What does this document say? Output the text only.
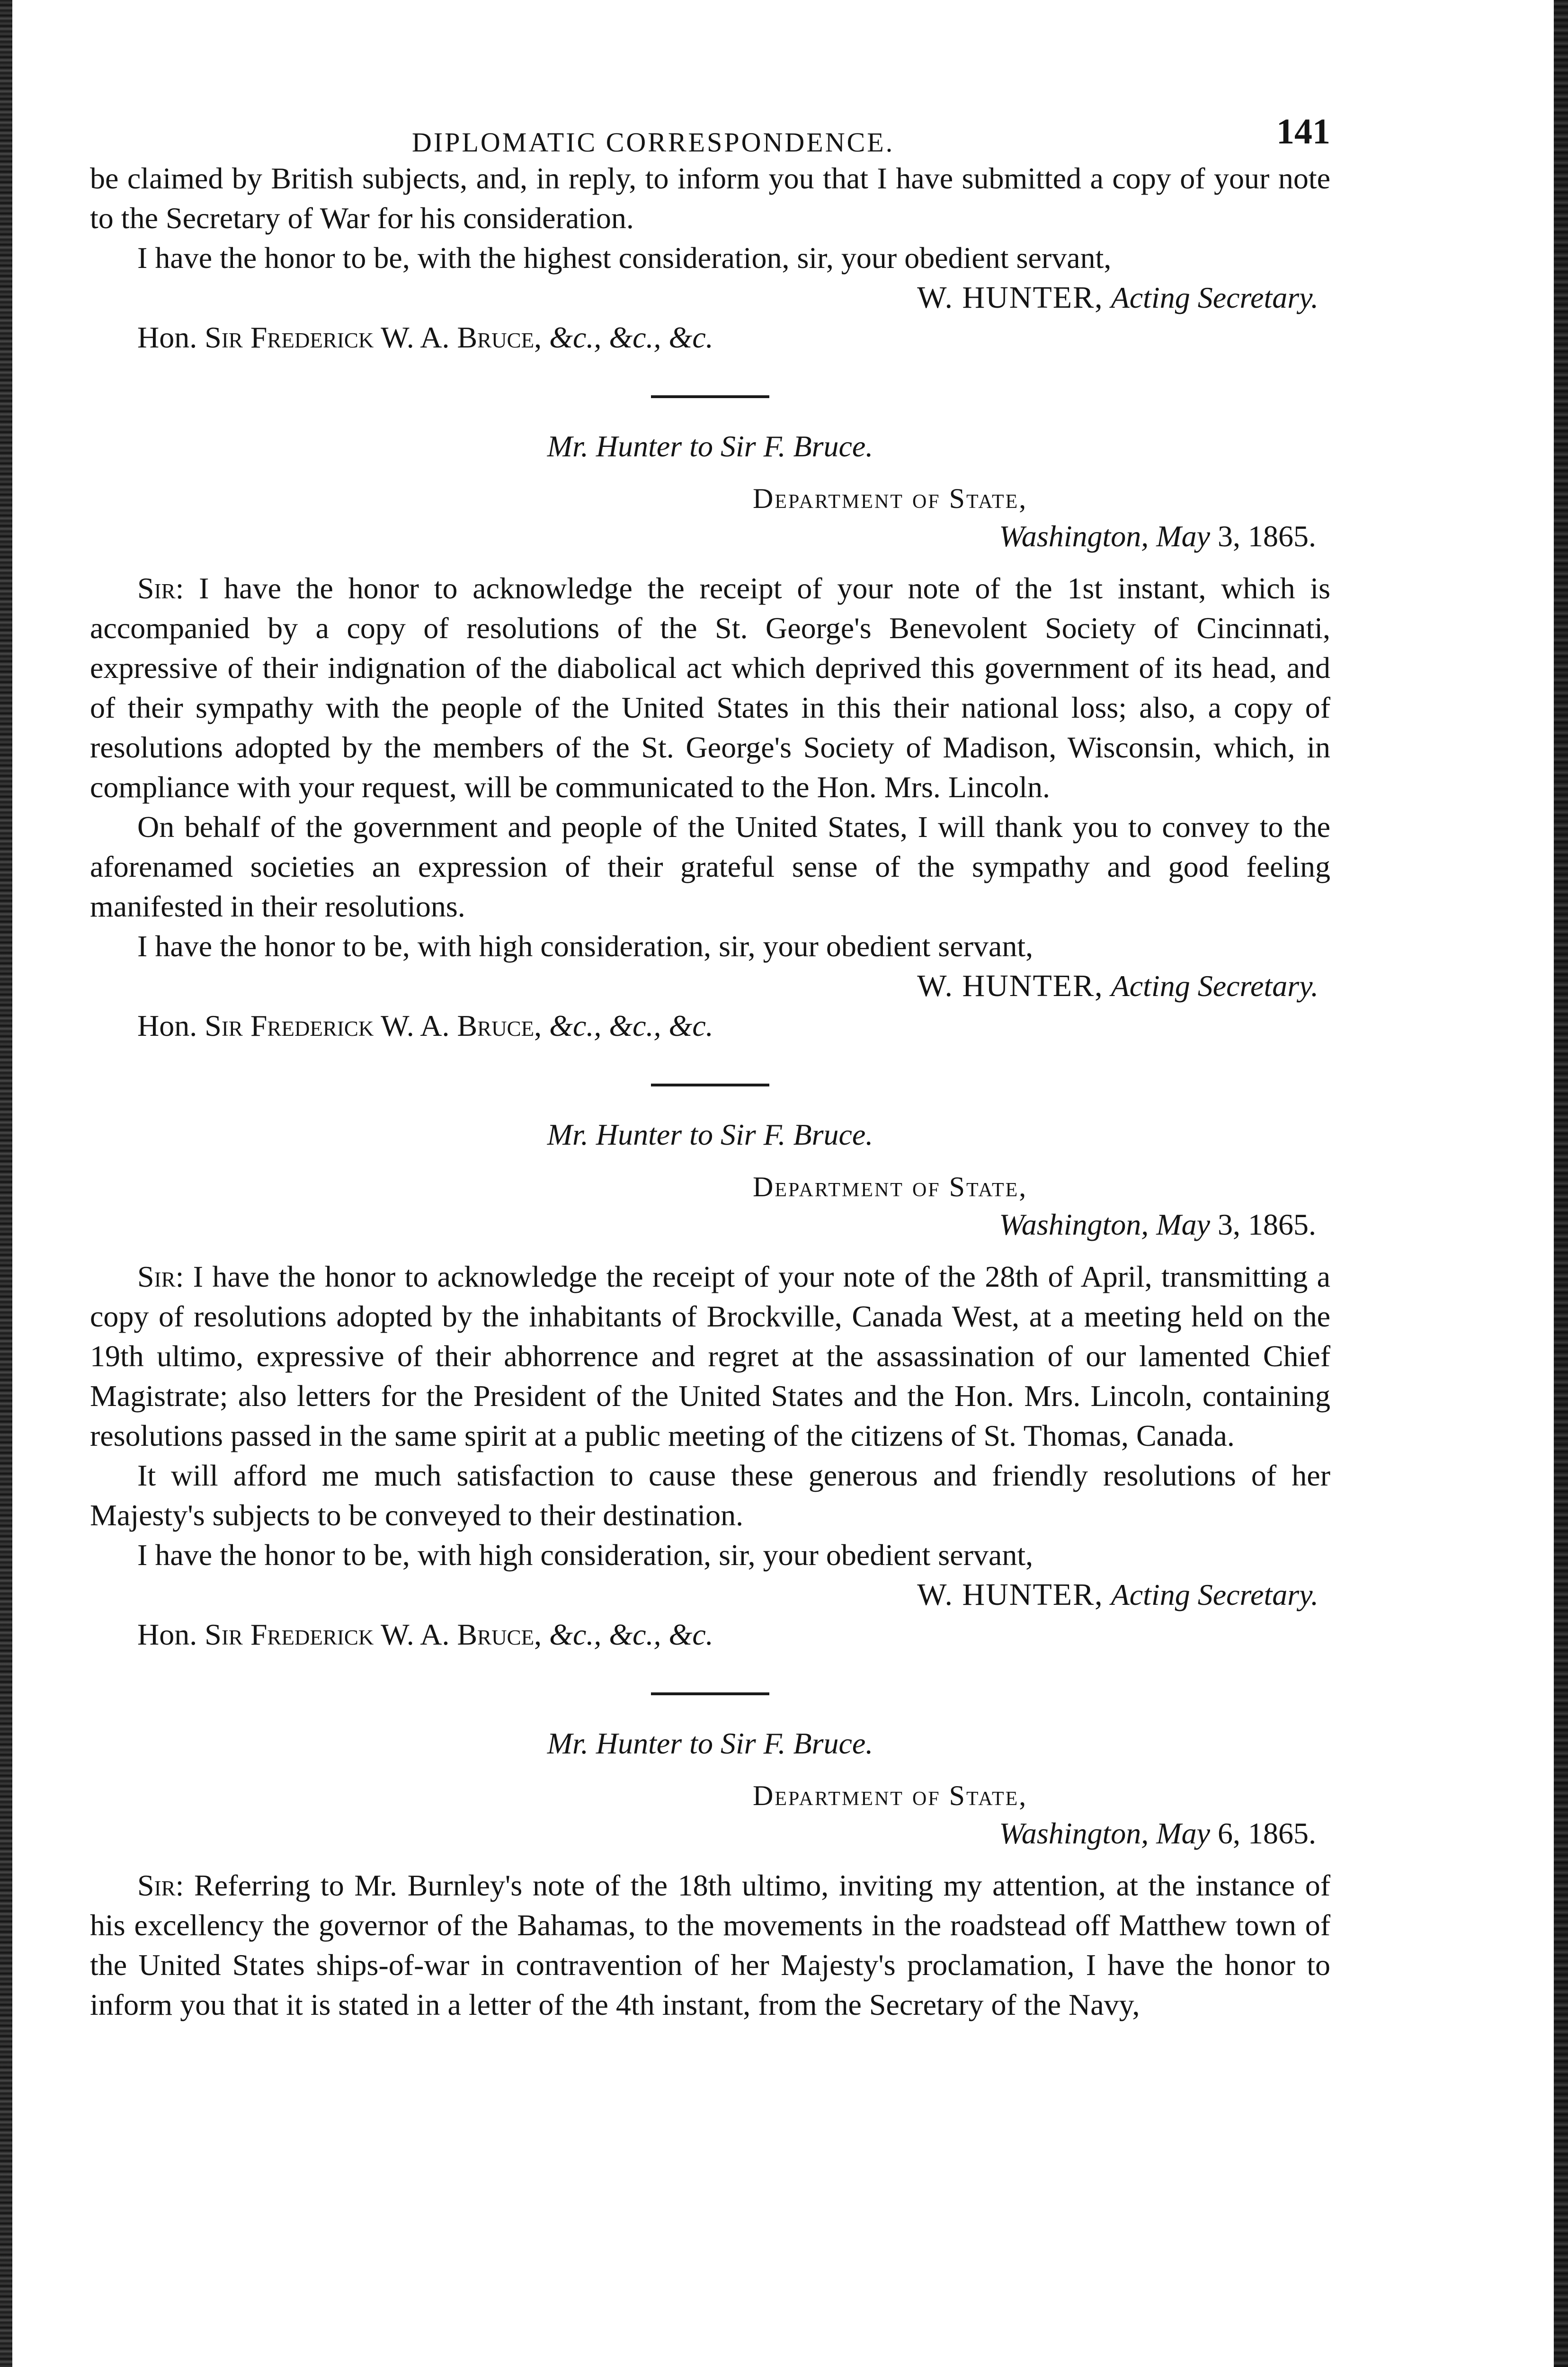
DIPLOMATIC CORRESPONDENCE.	141

be claimed by British subjects, and, in reply, to inform you that I have submitted a copy of your note to the Secretary of War for his consideration.

I have the honor to be, with the highest consideration, sir, your obedient servant,

W. HUNTER, Acting Secretary.
Hon. Sir Frederick W. A. Bruce, &c., &c., &c.
Mr. Hunter to Sir F. Bruce.
Department of State,
Washington, May 3, 1865.

Sir: I have the honor to acknowledge the receipt of your note of the 1st instant, which is accompanied by a copy of resolutions of the St. George's Benevolent Society of Cincinnati, expressive of their indignation of the diabolical act which deprived this government of its head, and of their sympathy with the people of the United States in this their national loss; also, a copy of resolutions adopted by the members of the St. George's Society of Madison, Wisconsin, which, in compliance with your request, will be communicated to the Hon. Mrs. Lincoln.

On behalf of the government and people of the United States, I will thank you to convey to the aforenamed societies an expression of their grateful sense of the sympathy and good feeling manifested in their resolutions.

I have the honor to be, with high consideration, sir, your obedient servant,

W. HUNTER, Acting Secretary.
Hon. Sir Frederick W. A. Bruce, &c., &c., &c.
Mr. Hunter to Sir F. Bruce.
Department of State,
Washington, May 3, 1865.

Sir: I have the honor to acknowledge the receipt of your note of the 28th of April, transmitting a copy of resolutions adopted by the inhabitants of Brockville, Canada West, at a meeting held on the 19th ultimo, expressive of their abhorrence and regret at the assassination of our lamented Chief Magistrate; also letters for the President of the United States and the Hon. Mrs. Lincoln, containing resolutions passed in the same spirit at a public meeting of the citizens of St. Thomas, Canada.

It will afford me much satisfaction to cause these generous and friendly resolutions of her Majesty's subjects to be conveyed to their destination.

I have the honor to be, with high consideration, sir, your obedient servant,

W. HUNTER, Acting Secretary.
Hon. Sir Frederick W. A. Bruce, &c., &c., &c.
Mr. Hunter to Sir F. Bruce.
Department of State,
Washington, May 6, 1865.

Sir: Referring to Mr. Burnley's note of the 18th ultimo, inviting my attention, at the instance of his excellency the governor of the Bahamas, to the movements in the roadstead off Matthew town of the United States ships-of-war in contravention of her Majesty's proclamation, I have the honor to inform you that it is stated in a letter of the 4th instant, from the Secretary of the Navy,
